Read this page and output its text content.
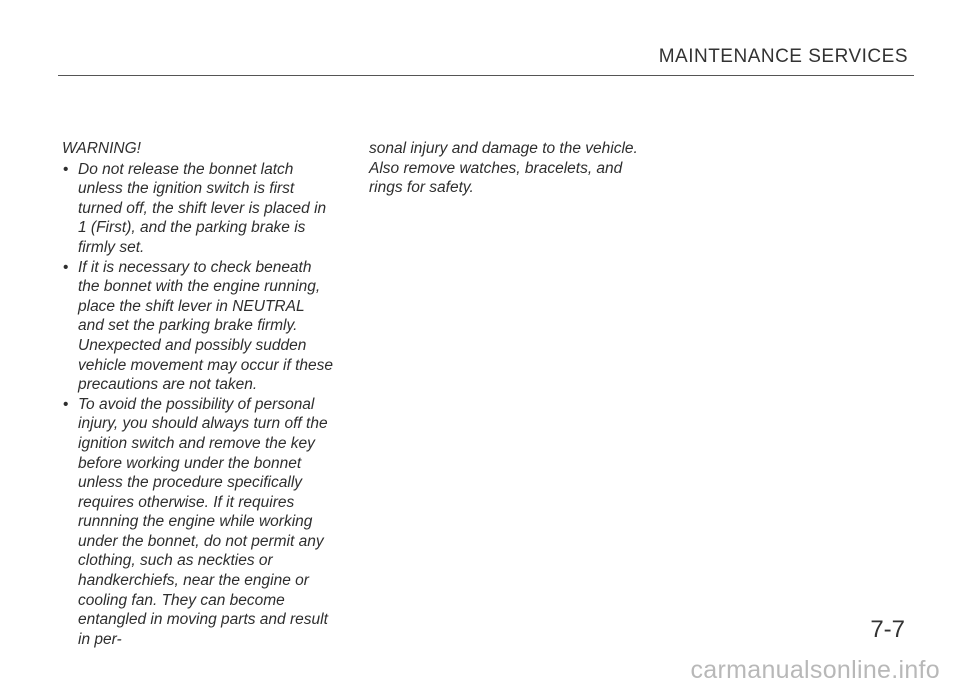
MAINTENANCE SERVICES
WARNING!
• Do not release the bonnet latch unless the ignition switch is first turned off, the shift lever is placed in 1 (First), and the parking brake is firmly set.
• If it is necessary to check beneath the bonnet with the engine running, place the shift lever in NEUTRAL and set the parking brake firmly.
Unexpected and possibly sudden vehicle movement may occur if these precautions are not taken.
• To avoid the possibility of personal injury, you should always turn off the ignition switch and remove the key before working under the bonnet unless the procedure specifically requires otherwise. If it requires runnning the engine while working under the bonnet, do not permit any clothing, such as neckties or handkerchiefs, near the engine or cooling fan. They can become entangled in moving parts and result in per-
sonal injury and damage to the vehicle. Also remove watches, bracelets, and rings for safety.
7-7
carmanualsonline.info
